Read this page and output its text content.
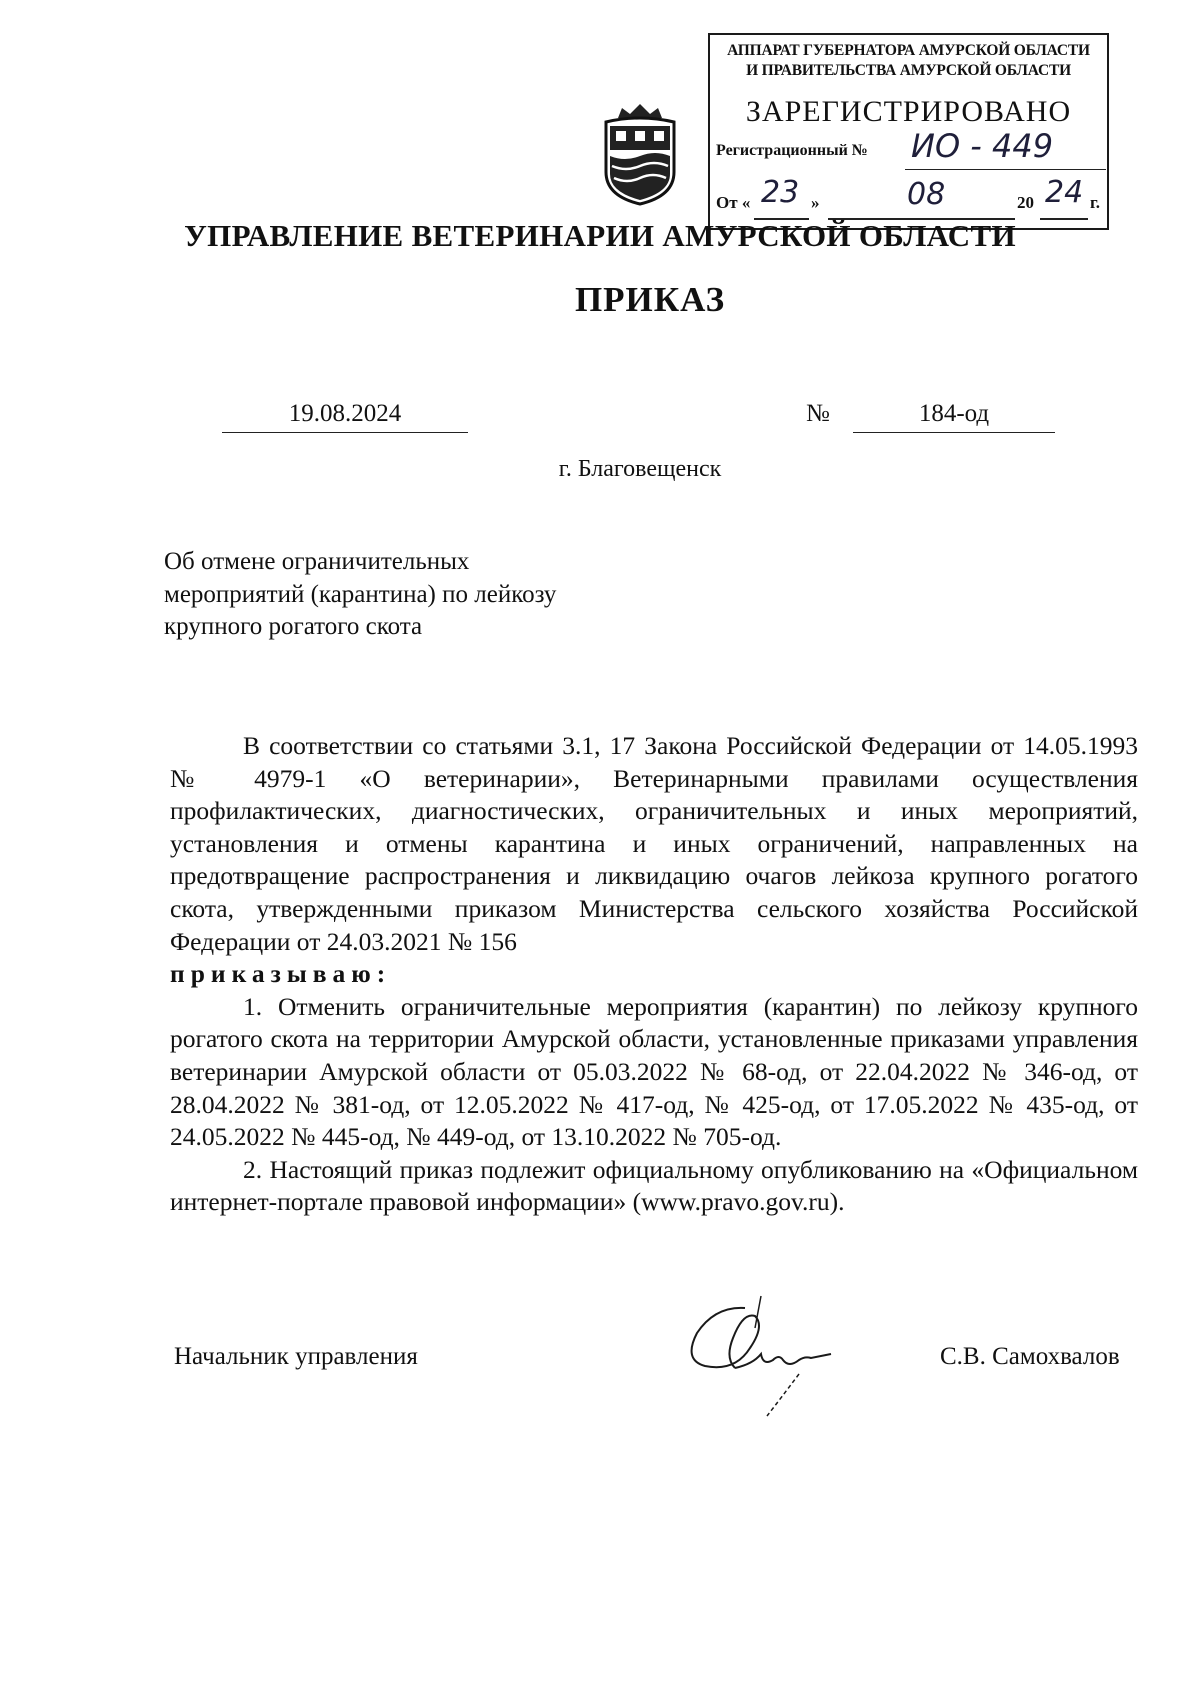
АППАРАТ ГУБЕРНАТОРА АМУРСКОЙ ОБЛАСТИ
И ПРАВИТЕЛЬСТВА АМУРСКОЙ ОБЛАСТИ
ЗАРЕГИСТРИРОВАНО
Регистрационный № ИО - 449
От « 23 »	08	20 24 г.
УПРАВЛЕНИЕ ВЕТЕРИНАРИИ АМУРСКОЙ ОБЛАСТИ
ПРИКАЗ
19.08.2024	№	184-од
г. Благовещенск
Об отмене ограничительных мероприятий (карантина) по лейкозу крупного рогатого скота

В соответствии со статьями 3.1, 17 Закона Российской Федерации от 14.05.1993 № 4979-1 «О ветеринарии», Ветеринарными правилами осуществления профилактических, диагностических, ограничительных и иных мероприятий, установления и отмены карантина и иных ограничений, направленных на предотвращение распространения и ликвидацию очагов лейкоза крупного рогатого скота, утвержденными приказом Министерства сельского хозяйства Российской Федерации от 24.03.2021 № 156

приказываю:

1. Отменить ограничительные мероприятия (карантин) по лейкозу крупного рогатого скота на территории Амурской области, установленные приказами управления ветеринарии Амурской области от 05.03.2022 № 68-од, от 22.04.2022 № 346-од, от 28.04.2022 № 381-од, от 12.05.2022 № 417-од, № 425-од, от 17.05.2022 № 435-од, от 24.05.2022 № 445-од, № 449-од, от 13.10.2022 № 705-од.

2. Настоящий приказ подлежит официальному опубликованию на «Официальном интернет-портале правовой информации» (www.pravo.gov.ru).

Начальник управления	С.В. Самохвалов
